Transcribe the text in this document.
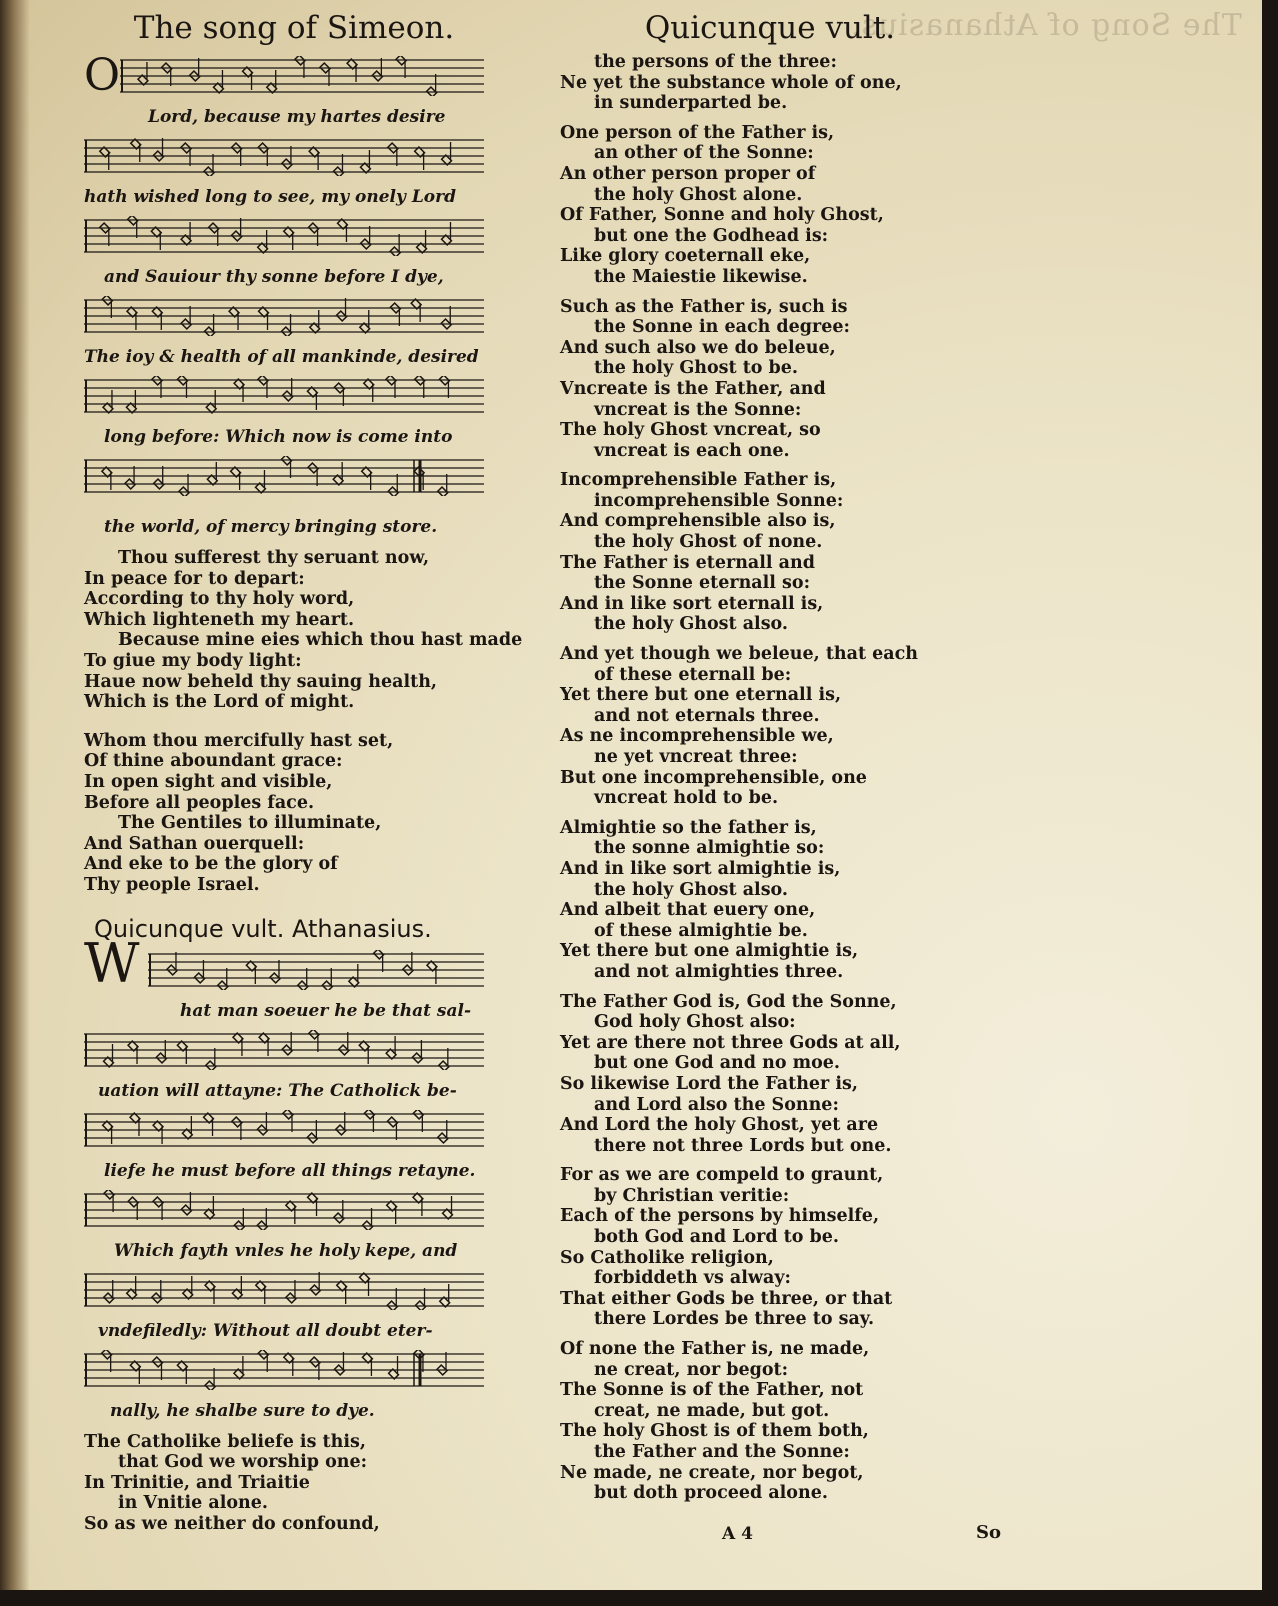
The Song of Athanasius.
The song of Simeon.
O
Lord, because my hartes desire
hath wished long to see, my onely Lord
and Sauiour thy sonne before I dye,
The ioy & health of all mankinde, desired
long before: Which now is come into
the world, of mercy bringing store.
Thou sufferest thy seruant now,
In peace for to depart:
According to thy holy word,
Which lighteneth my heart.
Because mine eies which thou hast made
To giue my body light:
Haue now beheld thy sauing health,
Which is the Lord of might.
Whom thou mercifully hast set,
Of thine aboundant grace:
In open sight and visible,
Before all peoples face.
The Gentiles to illuminate,
And Sathan ouerquell:
And eke to be the glory of
Thy people Israel.
Quicunque vult. Athanasius.
W
hat man soeuer he be that sal-
uation will attayne: The Catholick be-
liefe he must before all things retayne.
Which fayth vnles he holy kepe, and
vndefiledly: Without all doubt eter-
nally, he shalbe sure to dye.
The Catholike beliefe is this,
that God we worship one:
In Trinitie, and Triaitie
in Vnitie alone.
So as we neither do confound,
Quicunque vult.
the persons of the three:
Ne yet the substance whole of one,
in sunderparted be.
One person of the Father is,
an other of the Sonne:
An other person proper of
the holy Ghost alone.
Of Father, Sonne and holy Ghost,
but one the Godhead is:
Like glory coeternall eke,
the Maiestie likewise.
Such as the Father is, such is
the Sonne in each degree:
And such also we do beleue,
the holy Ghost to be.
Vncreate is the Father, and
vncreat is the Sonne:
The holy Ghost vncreat, so
vncreat is each one.
Incomprehensible Father is,
incomprehensible Sonne:
And comprehensible also is,
the holy Ghost of none.
The Father is eternall and
the Sonne eternall so:
And in like sort eternall is,
the holy Ghost also.
And yet though we beleue, that each
of these eternall be:
Yet there but one eternall is,
and not eternals three.
As ne incomprehensible we,
ne yet vncreat three:
But one incomprehensible, one
vncreat hold to be.
Almightie so the father is,
the sonne almightie so:
And in like sort almightie is,
the holy Ghost also.
And albeit that euery one,
of these almightie be.
Yet there but one almightie is,
and not almighties three.
The Father God is, God the Sonne,
God holy Ghost also:
Yet are there not three Gods at all,
but one God and no moe.
So likewise Lord the Father is,
and Lord also the Sonne:
And Lord the holy Ghost, yet are
there not three Lords but one.
For as we are compeld to graunt,
by Christian veritie:
Each of the persons by himselfe,
both God and Lord to be.
So Catholike religion,
forbiddeth vs alway:
That either Gods be three, or that
there Lordes be three to say.
Of none the Father is, ne made,
ne creat, nor begot:
The Sonne is of the Father, not
creat, ne made, but got.
The holy Ghost is of them both,
the Father and the Sonne:
Ne made, ne create, nor begot,
but doth proceed alone.
A 4	So
